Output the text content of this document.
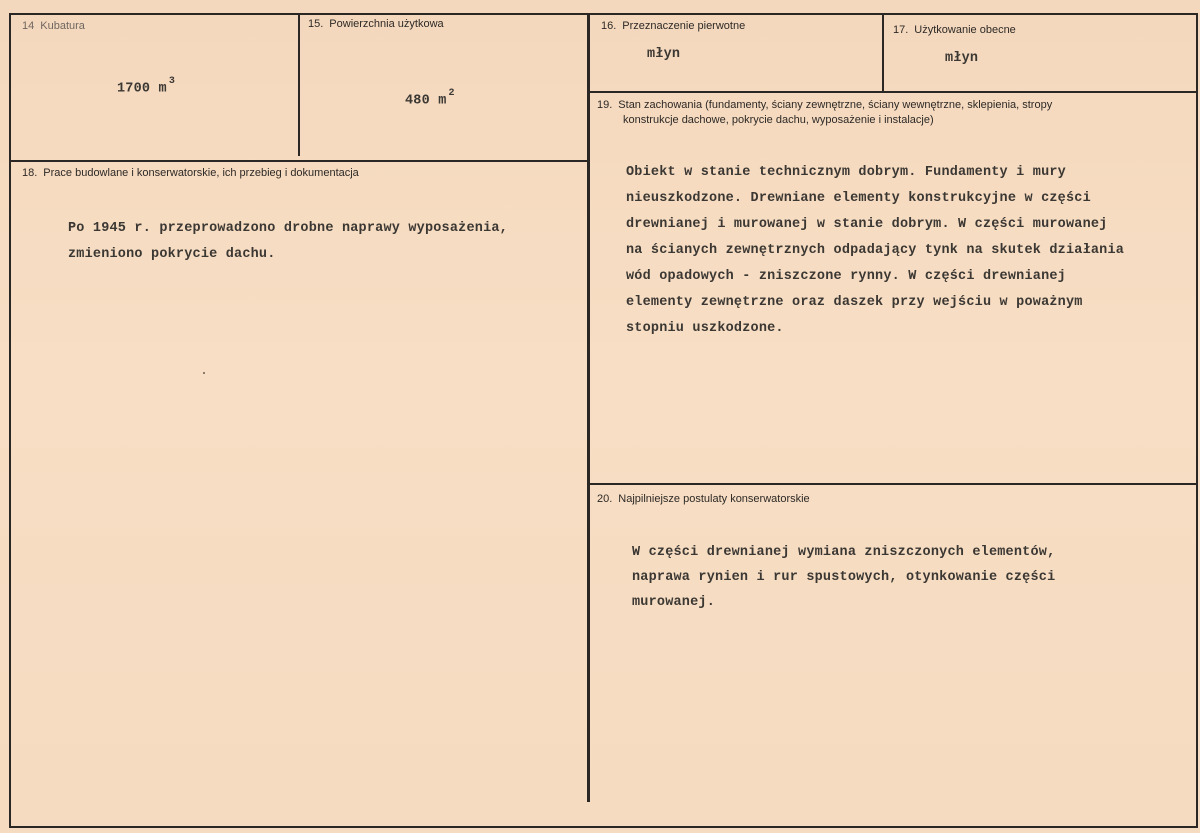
14 Kubatura
1700 m $^3$
15. Powierzchnia użytkowa
480 m $^2$
16. Przeznaczenie pierwotne
młyn
17. Użytkowanie obecne
młyn
18. Prace budowlane i konserwatorskie, ich przebieg i dokumentacja
Po 1945 r. przeprowadzono drobne naprawy wyposażenia,
zmieniono pokrycie dachu.
19. Stan zachowania (fundamenty, ściany zewnętrzne, ściany wewnętrzne, sklepienia, stropy
konstrukcje dachowe, pokrycie dachu, wyposażenie i instalacje)
Obiekt w stanie technicznym dobrym. Fundamenty i mury
nieuszkodzone. Drewniane elementy konstrukcyjne w części
drewnianej i murowanej w stanie dobrym. W części murowanej
na ścianych zewnętrznych odpadający tynk na skutek działania
wód opadowych - zniszczone rynny. W części drewnianej
elementy zewnętrzne oraz daszek przy wejściu w poważnym
stopniu uszkodzone.
20. Najpilniejsze postulaty konserwatorskie
W części drewnianej wymiana zniszczonych elementów,
naprawa rynien i rur spustowych, otynkowanie części
murowanej.
